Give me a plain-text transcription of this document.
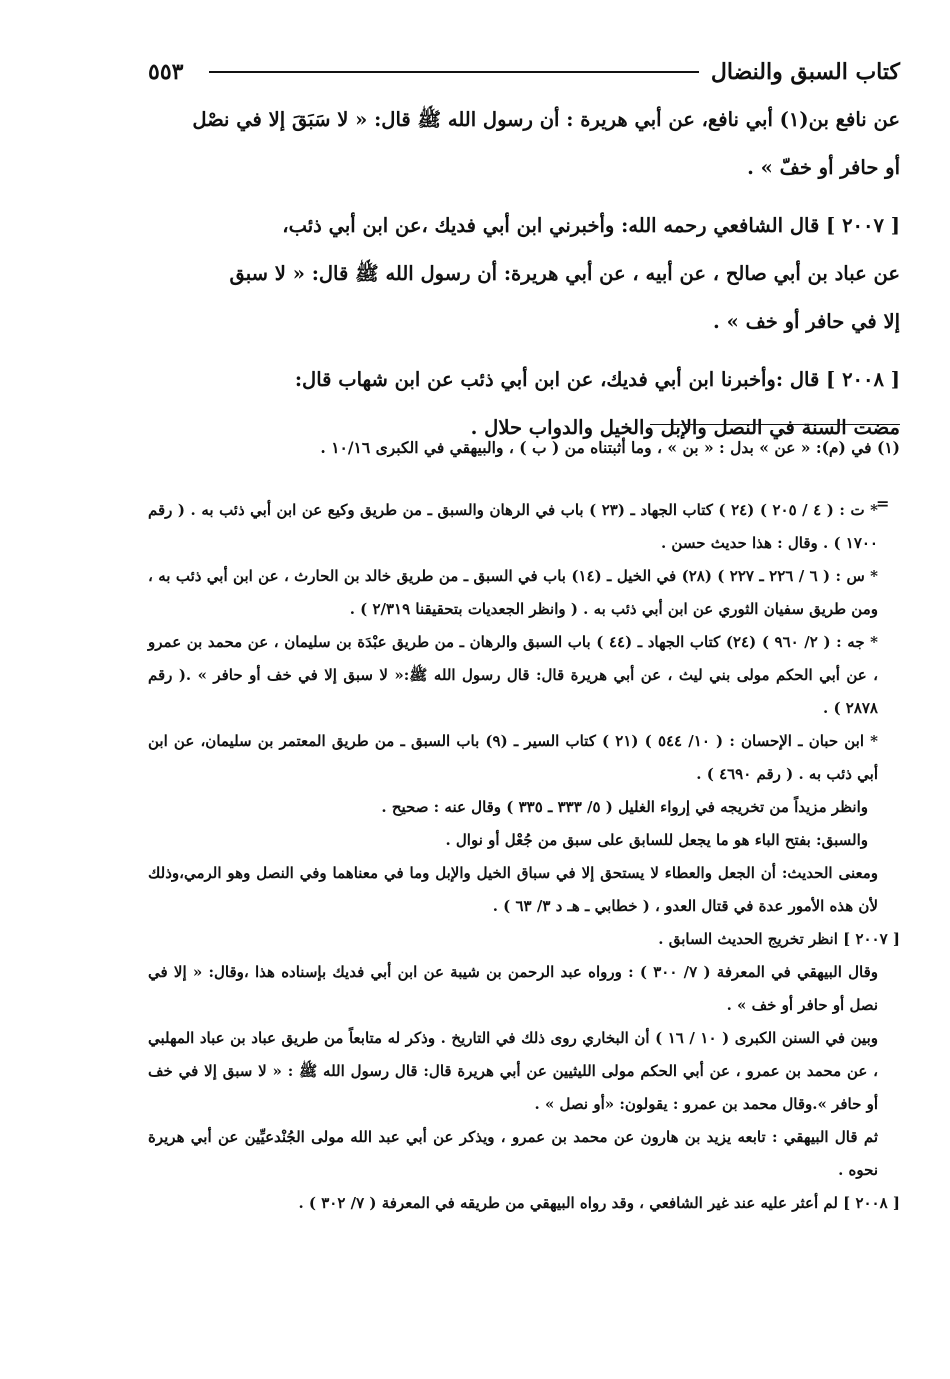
٥٥٣	كتاب السبق والنضال

عن نافع بن(١) أبي نافع، عن أبي هريرة : أن رسول الله ﷺ قال: « لا سَبَقَ إلا في نصْل
أو حافر أو خفّ » .

[ ٢٠٠٧ ] قال الشافعي رحمه الله: وأخبرني ابن أبي فديك ،عن ابن أبي ذئب،
عن عباد بن أبي صالح ، عن أبيه ، عن أبي هريرة: أن رسول الله ﷺ قال: « لا سبق
إلا في حافر أو خف » .

[ ٢٠٠٨ ] قال :وأخبرنا ابن أبي فديك، عن ابن أبي ذئب عن ابن شهاب قال:
مضت السنة في النصل والإبل والخيل والدواب حلال .

(١) في (م): « عن » بدل : « بن » ، وما أثبتناه من ( ب ) ، والبيهقي في الكبرى ١٠/١٦ .
=

* ت : ( ٤ / ٢٠٥ ) (٢٤ ) كتاب الجهاد ـ (٢٣ ) باب في الرهان والسبق ـ من طريق وكيع عن ابن أبي ذئب به . ( رقم ١٧٠٠ ) . وقال : هذا حديث حسن .

* س : ( ٦ / ٢٢٦ ـ ٢٢٧ ) (٢٨) في الخيل ـ (١٤) باب في السبق ـ من طريق خالد بن الحارث ، عن ابن أبي ذئب به ، ومن طريق سفيان الثوري عن ابن أبي ذئب به . ( وانظر الجعديات بتحقيقنا ٢/٣١٩ ) .

* جه : ( ٢/ ٩٦٠ ) (٢٤) كتاب الجهاد ـ (٤٤ ) باب السبق والرهان ـ من طريق عبْدَة بن سليمان ، عن محمد بن عمرو ، عن أبي الحكم مولى بني ليث ، عن أبي هريرة قال: قال رسول الله ﷺ:« لا سبق إلا في خف أو حافر » .( رقم ٢٨٧٨ ) .

* ابن حبان ـ الإحسان : ( ١٠/ ٥٤٤ ) (٢١ ) كتاب السير ـ (٩) باب السبق ـ من طريق المعتمر بن سليمان، عن ابن أبي ذئب به . ( رقم ٤٦٩٠ ) .

وانظر مزيداً من تخريجه في إرواء الغليل ( ٥/ ٣٣٣ ـ ٣٣٥ ) وقال عنه : صحيح .

والسبق: بفتح الباء هو ما يجعل للسابق على سبق من جُعْل أو نوال .

ومعنى الحديث: أن الجعل والعطاء لا يستحق إلا في سباق الخيل والإبل وما في معناهما وفي النصل وهو الرمي،وذلك لأن هذه الأمور عدة في قتال العدو ، ( خطابي ـ هـ د ٣/ ٦٣ ) .

[ ٢٠٠٧ ] انظر تخريج الحديث السابق .

وقال البيهقي في المعرفة ( ٧/ ٣٠٠ ) : ورواه عبد الرحمن بن شيبة عن ابن أبي فديك بإسناده هذا ،وقال: « إلا في نصل أو حافر أو خف » .

وبين في السنن الكبرى ( ١٠ / ١٦ ) أن البخاري روى ذلك في التاريخ . وذكر له متابعاً من طريق عباد بن عباد المهلبي ، عن محمد بن عمرو ، عن أبي الحكم مولى الليثيين عن أبي هريرة قال: قال رسول الله ﷺ : « لا سبق إلا في خف أو حافر ».وقال محمد بن عمرو : يقولون: «أو نصل » .

ثم قال البيهقي : تابعه يزيد بن هارون عن محمد بن عمرو ، ويذكر عن أبي عبد الله مولى الجُنْدعيِّين عن أبي هريرة نحوه .

[ ٢٠٠٨ ] لم أعثر عليه عند غير الشافعي ، وقد رواه البيهقي من طريقه في المعرفة ( ٧/ ٣٠٢ ) .
